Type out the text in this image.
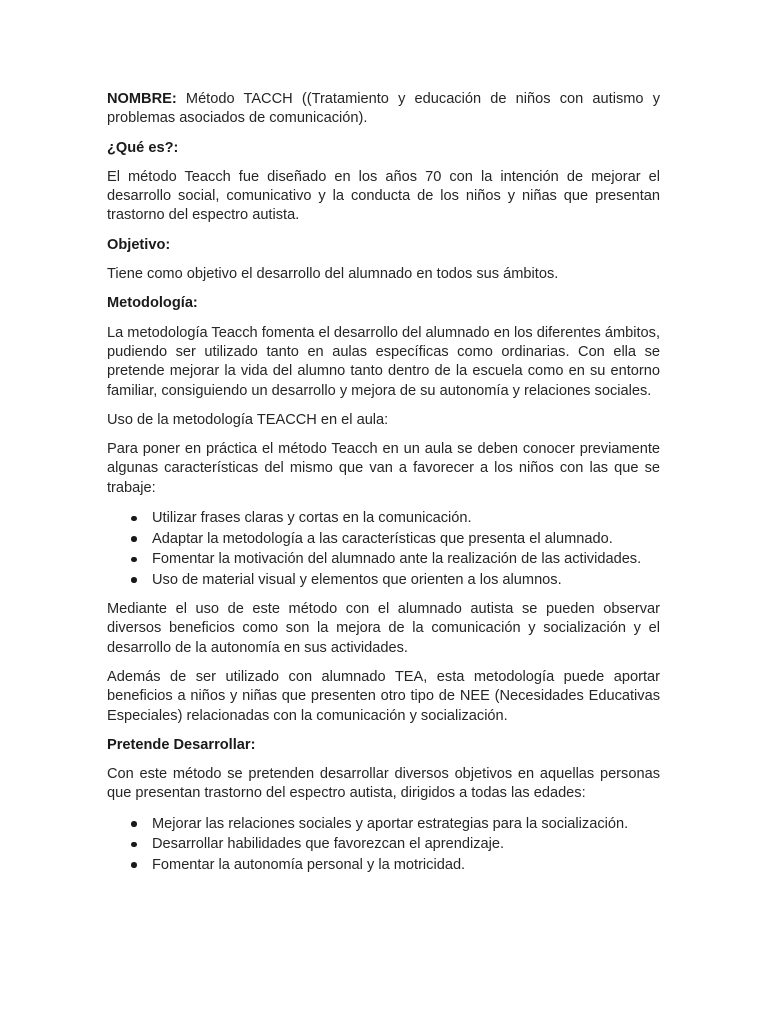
NOMBRE: Método TACCH ((Tratamiento y educación de niños con autismo y problemas asociados de comunicación).

¿Qué es?:

El método Teacch fue diseñado en los años 70 con la intención de mejorar el desarrollo social, comunicativo y la conducta de los niños y niñas que presentan trastorno del espectro autista.

Objetivo:

Tiene como objetivo el desarrollo del alumnado en todos sus ámbitos.

Metodología:

La metodología Teacch fomenta el desarrollo del alumnado en los diferentes ámbitos, pudiendo ser utilizado tanto en aulas específicas como ordinarias. Con ella se pretende mejorar la vida del alumno tanto dentro de la escuela como en su entorno familiar, consiguiendo un desarrollo y mejora de su autonomía y relaciones sociales.

Uso de la metodología TEACCH en el aula:

Para poner en práctica el método Teacch en un aula se deben conocer previamente algunas características del mismo que van a favorecer a los niños con las que se trabaje:

Utilizar frases claras y cortas en la comunicación.
Adaptar la metodología a las características que presenta el alumnado.
Fomentar la motivación del alumnado ante la realización de las actividades.
Uso de material visual y elementos que orienten a los alumnos.

Mediante el uso de este método con el alumnado autista se pueden observar diversos beneficios como son la mejora de la comunicación y socialización y el desarrollo de la autonomía en sus actividades.

Además de ser utilizado con alumnado TEA, esta metodología puede aportar beneficios a niños y niñas que presenten otro tipo de NEE (Necesidades Educativas Especiales) relacionadas con la comunicación y socialización.

Pretende Desarrollar:

Con este método se pretenden desarrollar diversos objetivos en aquellas personas que presentan trastorno del espectro autista, dirigidos a todas las edades:

Mejorar las relaciones sociales y aportar estrategias para la socialización.
Desarrollar habilidades que favorezcan el aprendizaje.
Fomentar la autonomía personal y la motricidad.
